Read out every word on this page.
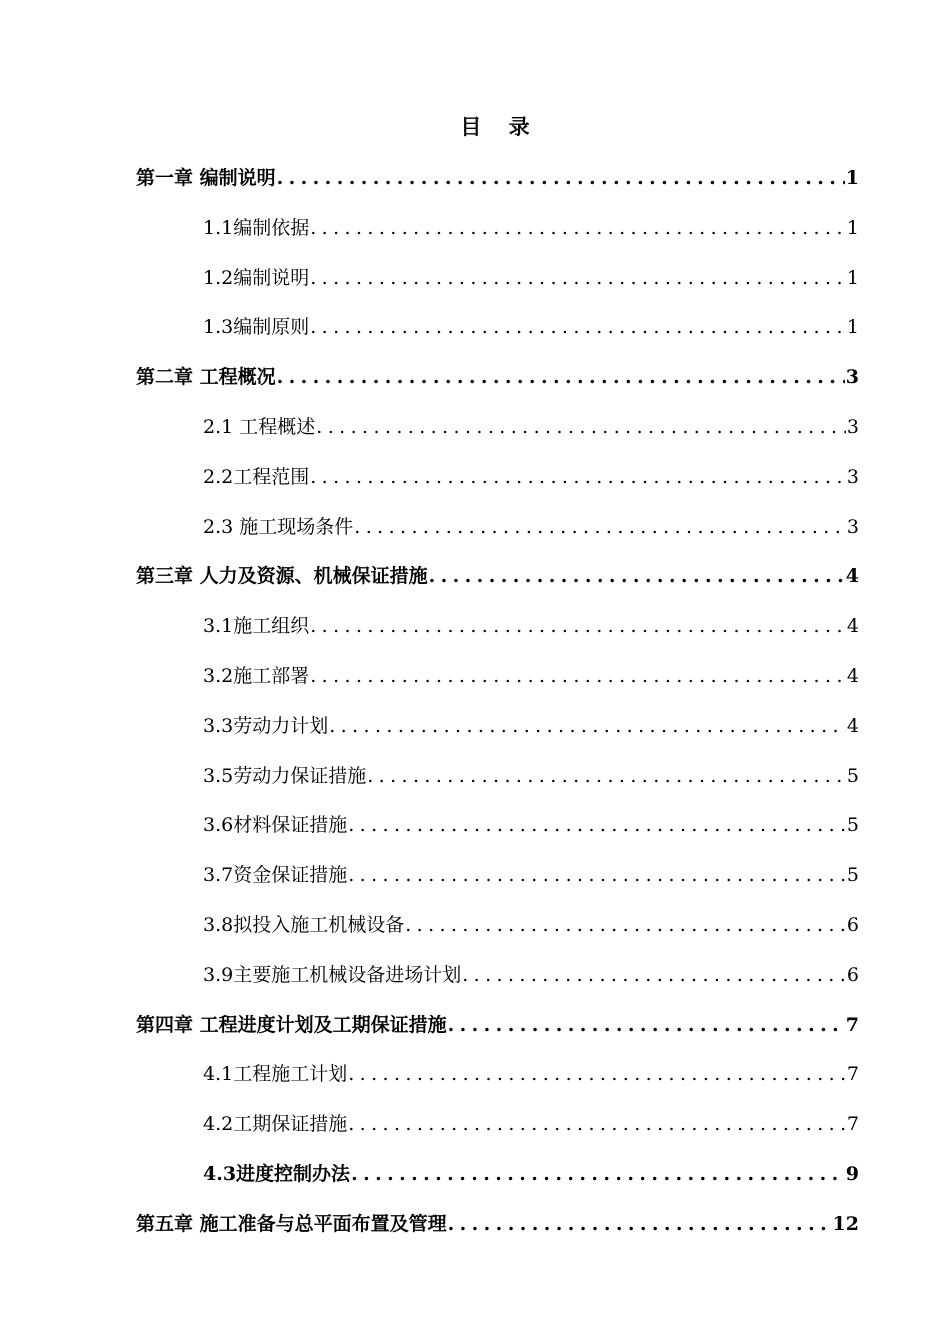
目 录
第一章 编制说明 .....	1
1.1编制依据 .....	1
1.2编制说明 .....	1
1.3编制原则 .....	1
第二章 工程概况 .....	3
2.1 工程概述 .....	3
2.2工程范围 .....	3
2.3 施工现场条件 .....	3
第三章 人力及资源、机械保证措施 .....	4
3.1施工组织 .....	4
3.2施工部署 .....	4
3.3劳动力计划 .....	4
3.5劳动力保证措施 .....	5
3.6材料保证措施 .....	5
3.7资金保证措施 .....	5
3.8拟投入施工机械设备 .....	6
3.9主要施工机械设备进场计划 .....	6
第四章 工程进度计划及工期保证措施 .....	7
4.1工程施工计划 .....	7
4.2工期保证措施 .....	7
4.3进度控制办法 .....	9
第五章 施工准备与总平面布置及管理 .....	12
